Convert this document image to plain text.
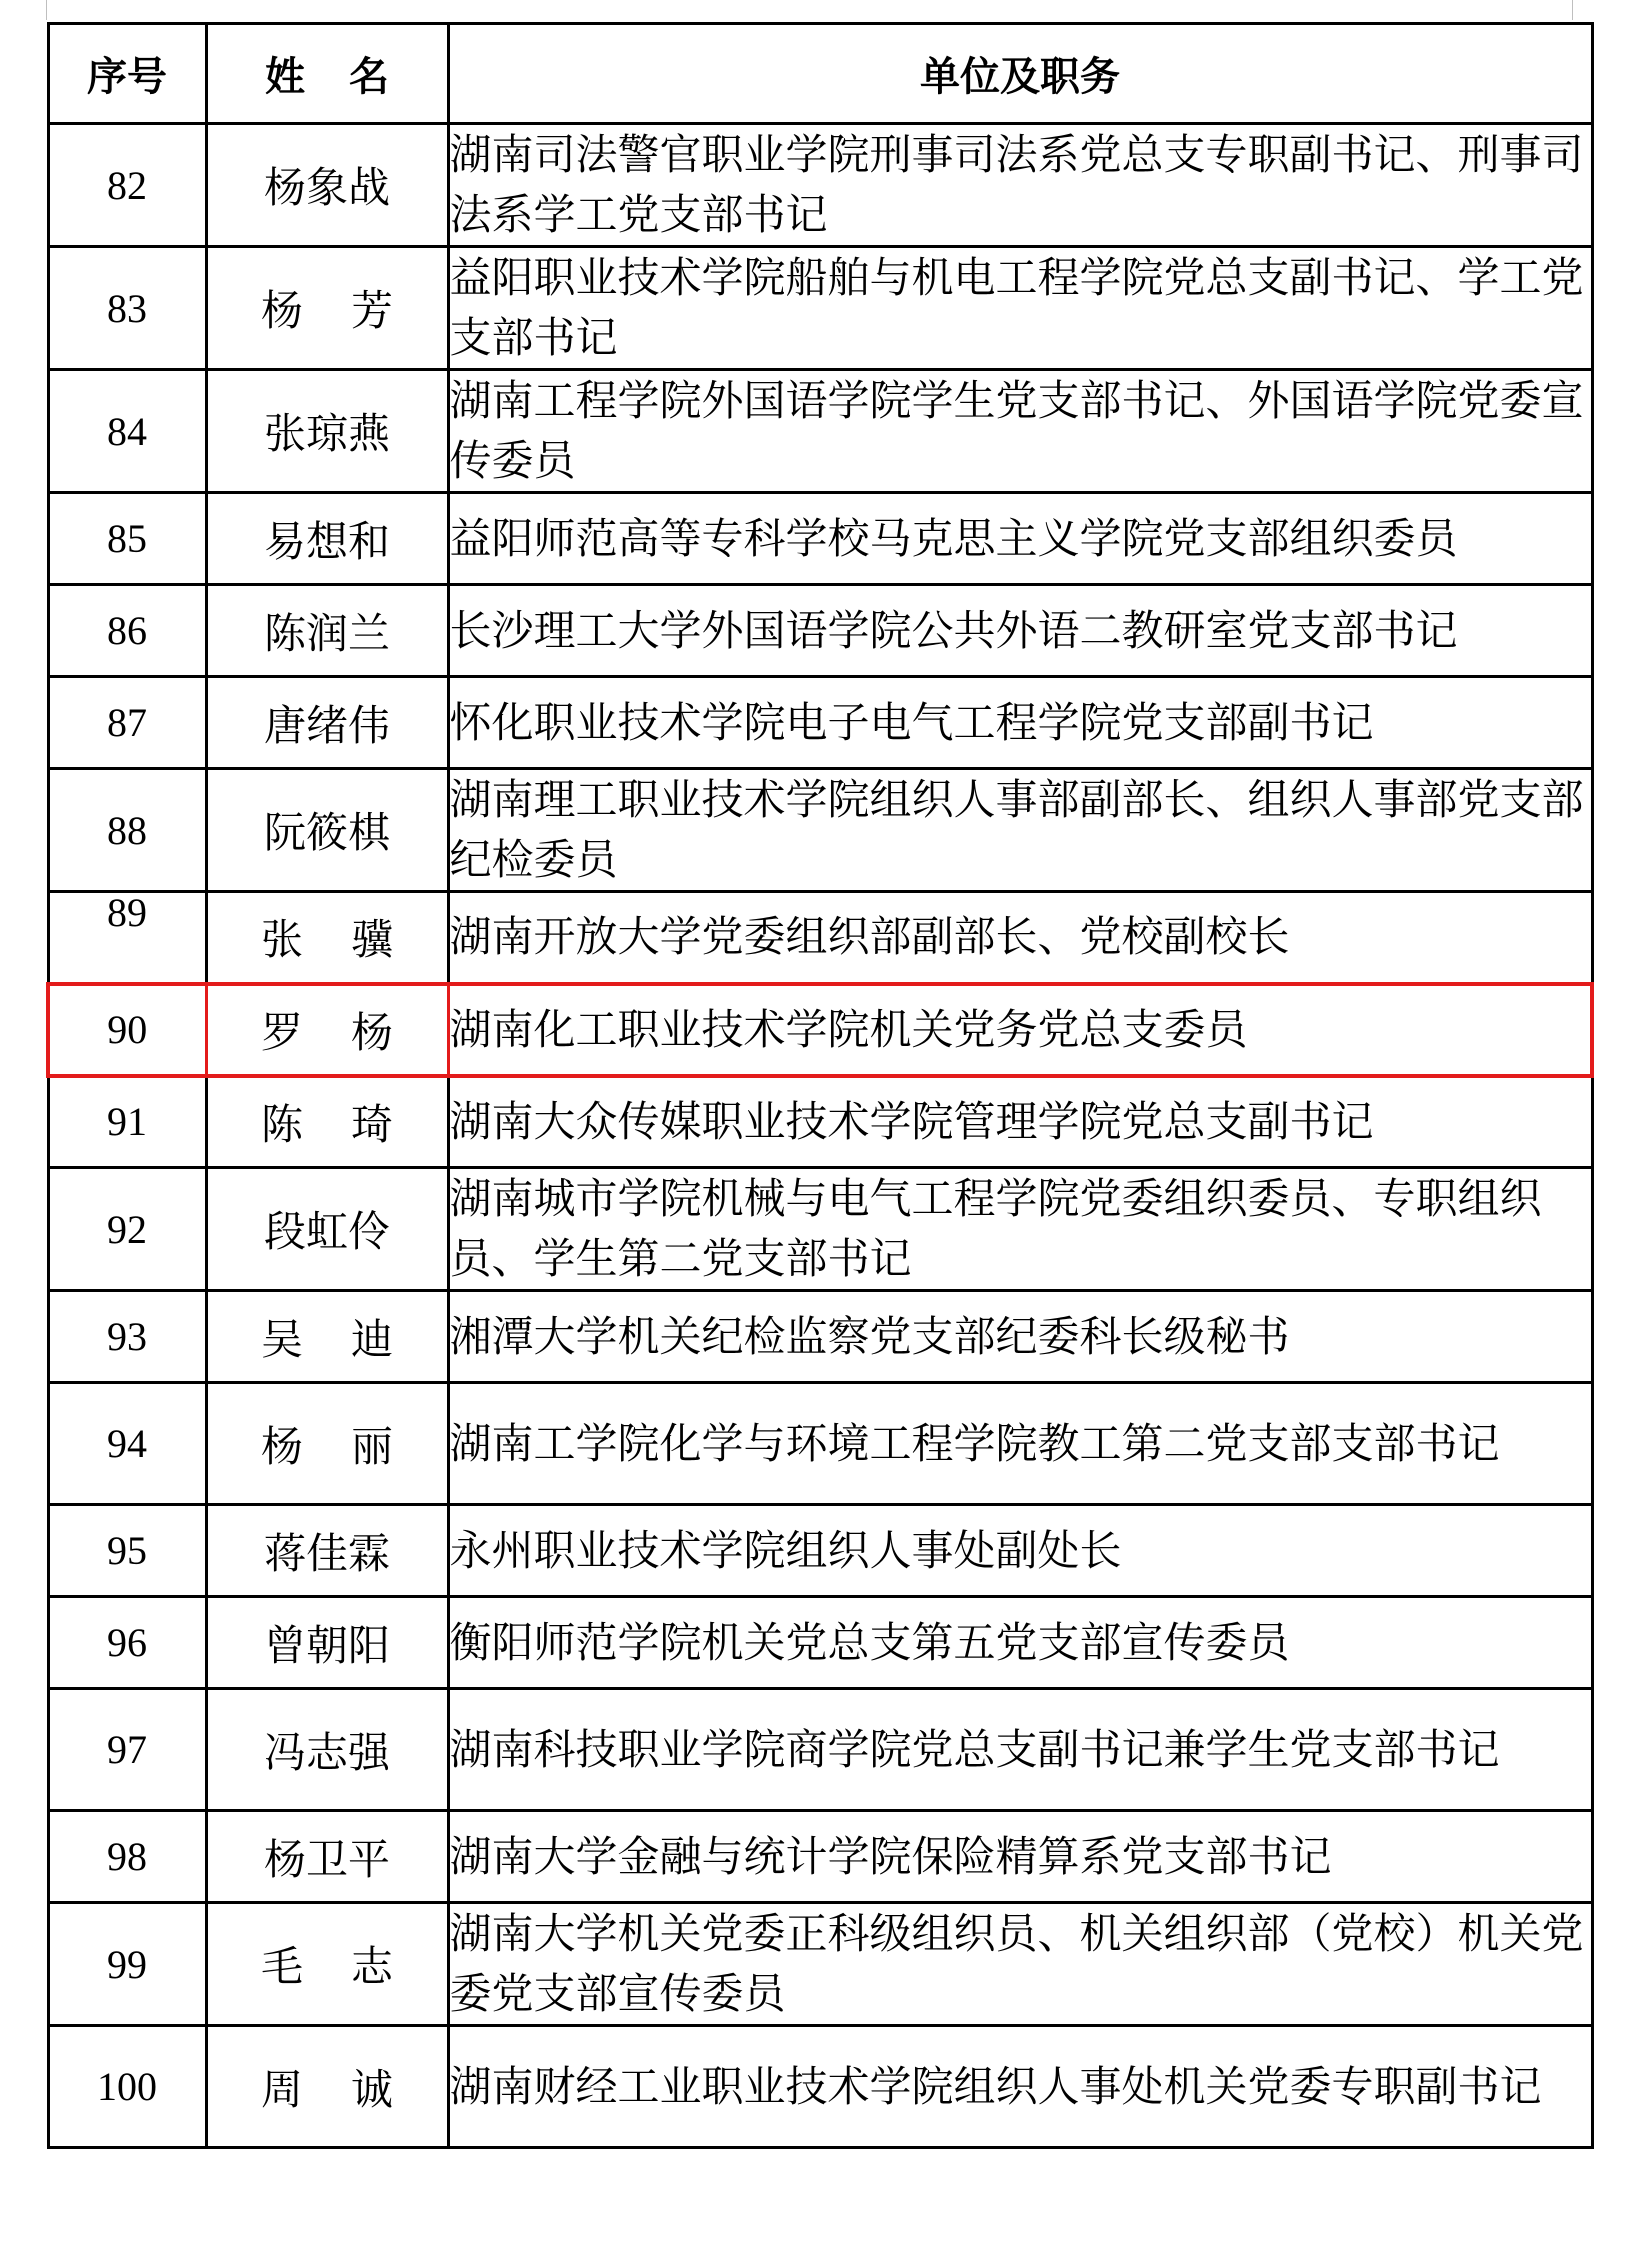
序号	姓名	单位及职务
82	杨象战	湖南司法警官职业学院刑事司法系党总支专职副书记、刑事司法系学工党支部书记
83	杨芳	益阳职业技术学院船舶与机电工程学院党总支副书记、学工党支部书记
84	张琼燕	湖南工程学院外国语学院学生党支部书记、外国语学院党委宣传委员
85	易想和	益阳师范高等专科学校马克思主义学院党支部组织委员
86	陈润兰	长沙理工大学外国语学院公共外语二教研室党支部书记
87	唐绪伟	怀化职业技术学院电子电气工程学院党支部副书记
88	阮筱棋	湖南理工职业技术学院组织人事部副部长、组织人事部党支部纪检委员
89	张骥	湖南开放大学党委组织部副部长、党校副校长
90	罗杨	湖南化工职业技术学院机关党务党总支委员
91	陈琦	湖南大众传媒职业技术学院管理学院党总支副书记
92	段虹伶	湖南城市学院机械与电气工程学院党委组织委员、专职组织员、学生第二党支部书记
93	吴迪	湘潭大学机关纪检监察党支部纪委科长级秘书
94	杨丽	湖南工学院化学与环境工程学院教工第二党支部支部书记
95	蒋佳霖	永州职业技术学院组织人事处副处长
96	曾朝阳	衡阳师范学院机关党总支第五党支部宣传委员
97	冯志强	湖南科技职业学院商学院党总支副书记兼学生党支部书记
98	杨卫平	湖南大学金融与统计学院保险精算系党支部书记
99	毛志	湖南大学机关党委正科级组织员、机关组织部（党校）机关党委党支部宣传委员
100	周诚	湖南财经工业职业技术学院组织人事处机关党委专职副书记
